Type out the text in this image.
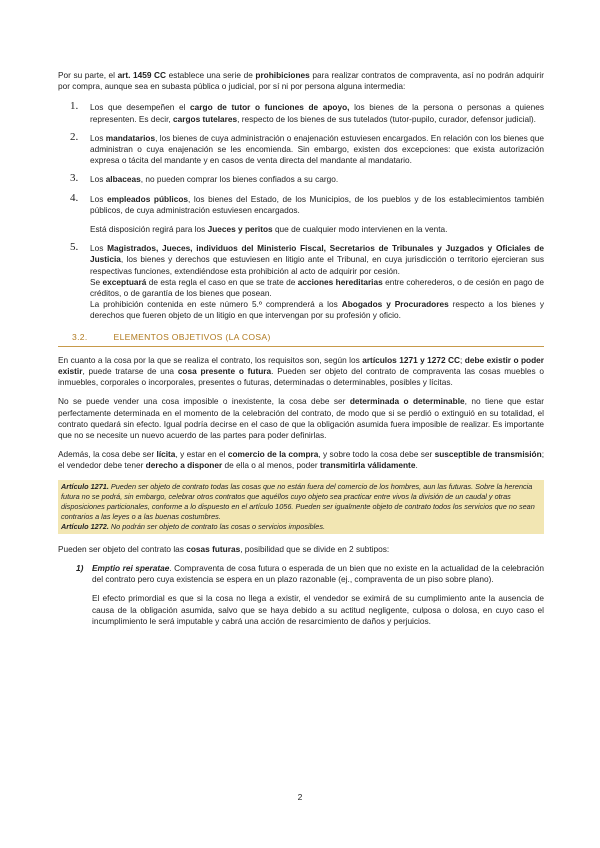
Por su parte, el art. 1459 CC establece una serie de prohibiciones para realizar contratos de compraventa, así no podrán adquirir por compra, aunque sea en subasta pública o judicial, por sí ni por persona alguna intermedia:

1. Los que desempeñen el cargo de tutor o funciones de apoyo, los bienes de la persona o personas a quienes representen. Es decir, cargos tutelares, respecto de los bienes de sus tutelados (tutor-pupilo, curador, defensor judicial).

2. Los mandatarios, los bienes de cuya administración o enajenación estuviesen encargados. En relación con los bienes que administran o cuya enajenación se les encomienda. Sin embargo, existen dos excepciones: que exista autorización expresa o tácita del mandante y en casos de venta directa del mandante al mandatario.

3. Los albaceas, no pueden comprar los bienes confiados a su cargo.

4. Los empleados públicos, los bienes del Estado, de los Municipios, de los pueblos y de los establecimientos también públicos, de cuya administración estuviesen encargados.

Está disposición regirá para los Jueces y peritos que de cualquier modo intervienen en la venta.

5. Los Magistrados, Jueces, individuos del Ministerio Fiscal, Secretarios de Tribunales y Juzgados y Oficiales de Justicia, los bienes y derechos que estuviesen en litigio ante el Tribunal, en cuya jurisdicción o territorio ejercieran sus respectivas funciones, extendiéndose esta prohibición al acto de adquirir por cesión.

Se exceptuará de esta regla el caso en que se trate de acciones hereditarias entre coherederos, o de cesión en pago de créditos, o de garantía de los bienes que posean.

La prohibición contenida en este número 5.º comprenderá a los Abogados y Procuradores respecto a los bienes y derechos que fueren objeto de un litigio en que intervengan por su profesión y oficio.

3.2.	ELEMENTOS OBJETIVOS (LA COSA)

En cuanto a la cosa por la que se realiza el contrato, los requisitos son, según los artículos 1271 y 1272 CC; debe existir o poder existir, puede tratarse de una cosa presente o futura. Pueden ser objeto del contrato de compraventa las cosas muebles o inmuebles, corporales o incorporales, presentes o futuras, determinadas o determinables, posibles y lícitas.

No se puede vender una cosa imposible o inexistente, la cosa debe ser determinada o determinable, no tiene que estar perfectamente determinada en el momento de la celebración del contrato, de modo que si se perdió o extinguió en su totalidad, el contrato quedará sin efecto. Igual podría decirse en el caso de que la obligación asumida fuera imposible de realizar. Es importante que no se necesite un nuevo acuerdo de las partes para poder definirlas.

Además, la cosa debe ser lícita, y estar en el comercio de la compra, y sobre todo la cosa debe ser susceptible de transmisión; el vendedor debe tener derecho a disponer de ella o al menos, poder transmitirla válidamente.

Artículo 1271. Pueden ser objeto de contrato todas las cosas que no están fuera del comercio de los hombres, aun las futuras. Sobre la herencia futura no se podrá, sin embargo, celebrar otros contratos que aquéllos cuyo objeto sea practicar entre vivos la división de un caudal y otras disposiciones particionales, conforme a lo dispuesto en el artículo 1056. Pueden ser igualmente objeto de contrato todos los servicios que no sean contrarios a las leyes o a las buenas costumbres.
Artículo 1272. No podrán ser objeto de contrato las cosas o servicios imposibles.

Pueden ser objeto del contrato las cosas futuras, posibilidad que se divide en 2 subtipos:

1) Emptio rei speratae. Compraventa de cosa futura o esperada de un bien que no existe en la actualidad de la celebración del contrato pero cuya existencia se espera en un plazo razonable (ej., compraventa de un piso sobre plano).

El efecto primordial es que si la cosa no llega a existir, el vendedor se eximirá de su cumplimiento ante la ausencia de causa de la obligación asumida, salvo que se haya debido a su actitud negligente, culposa o dolosa, en cuyo caso el incumplimiento le será imputable y cabrá una acción de resarcimiento de daños y perjuicios.

2
